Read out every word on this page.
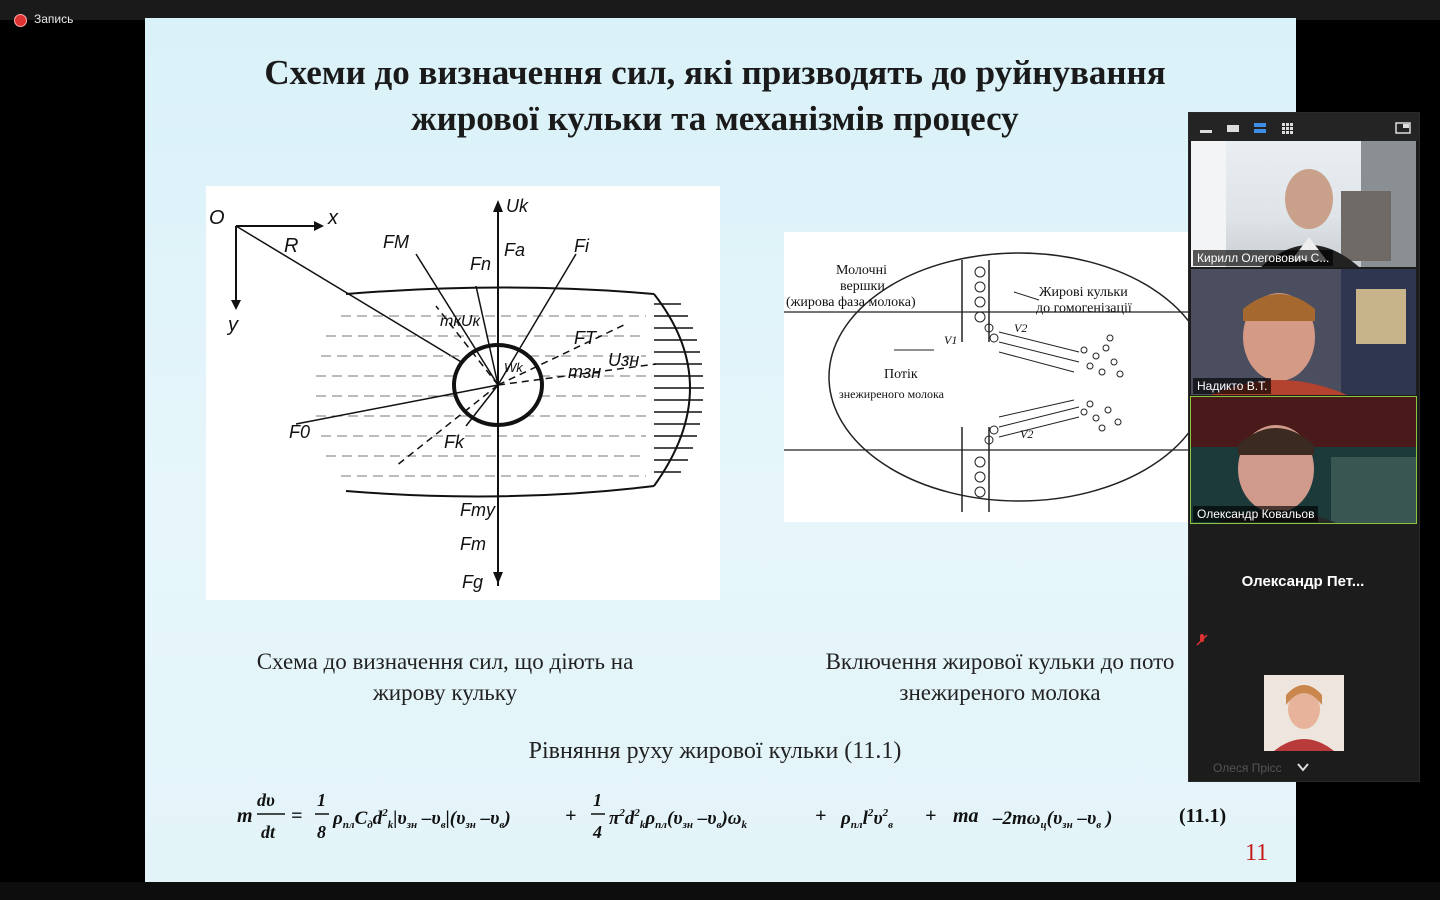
Запись
Схеми до визначення сил, які призводять до руйнування
жирової кульки та механізмів процесу
O	x
y
R
Uk
Fa	Fi
FM
Fn
mкUк
FT
Uзн
Wk	mзн
F0	Fk
Fmy
Fm
Fg
Молочні
вершки
(жирова фаза молока)
Жирові кульки
до гомогенізації
Потік
знежиреного молока
V1
V2
V2
Схема до визначення сил, що діють на
жирову кульку
Включення жирової кульки до пото
знежиреного молока
Рівняння руху жирової кульки (11.1)
m
dυ
dt
=
1
8
$\rho_{пл}C_дd^2_k|\upsilon_{зн}$ $-\upsilon_в|(\upsilon_{зн}$ $-\upsilon_в$)	+
1
4
$\pi^2d^2_k\rho_{пл}(\upsilon_{зн}$ $-\upsilon_в)\omega_k$	+ $\rho_{пл}l^2\upsilon^2_в$ + ma $-2m\omega_ц(\upsilon_{зн}$ $-\upsilon_в$ )	(11.1)
11
Кирилл Олеговович С...
Надикто В.Т.
Олександр Ковальов
Олександр Пет...
Олеся Пріcс
